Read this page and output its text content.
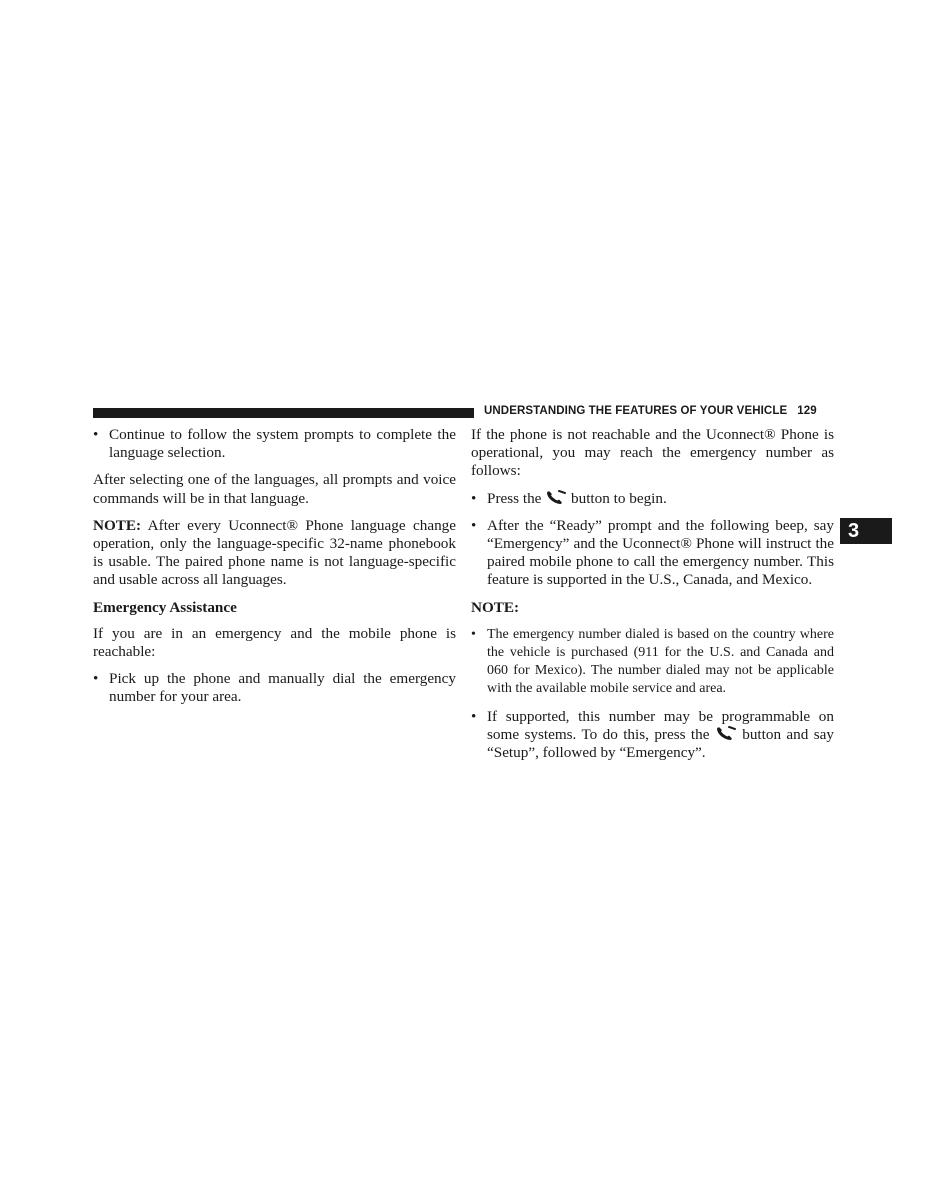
UNDERSTANDING THE FEATURES OF YOUR VEHICLE 129
3
• Continue to follow the system prompts to complete the language selection.

After selecting one of the languages, all prompts and voice commands will be in that language.

NOTE: After every Uconnect® Phone language change operation, only the language-specific 32-name phonebook is usable. The paired phone name is not language-specific and usable across all languages.

Emergency Assistance

If you are in an emergency and the mobile phone is reachable:

• Pick up the phone and manually dial the emergency number for your area.

If the phone is not reachable and the Uconnect® Phone is operational, you may reach the emergency number as follows:

• Press the  button to begin.

• After the “Ready” prompt and the following beep, say “Emergency” and the Uconnect® Phone will instruct the paired mobile phone to call the emergency number. This feature is supported in the U.S., Canada, and Mexico.

NOTE:

• The emergency number dialed is based on the country where the vehicle is purchased (911 for the U.S. and Canada and 060 for Mexico). The number dialed may not be applicable with the available mobile service and area.

• If supported, this number may be programmable on some systems. To do this, press the  button and say “Setup”, followed by “Emergency”.
